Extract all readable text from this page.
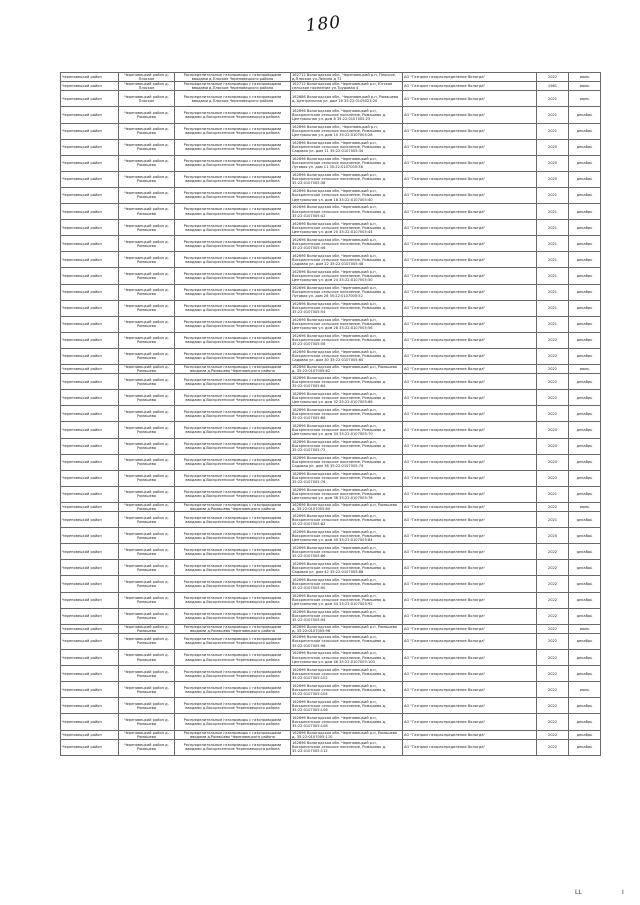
180
Череповецкий район	Череповецкий район д. Плоское	Распределительные газопроводы с газопроводами вводами д.Плоское Череповецкого района	162712 Вологодская обл., Череповецкий р-н, Плоское, д.Плоское ул.Ленина д 71	АО "Газпром газораспределение Вологда"	2022	июнь
Череповецкий район	Череповецкий район д. Плоское	Распределительные газопроводы с газопроводами вводами д.Плоское Череповецкого района	162712 Вологодская обл. Череповецкий р-н, Югское сельское поселение ул.Трудовая 4	АО "Газпром газораспределение Вологда"	1981	июнь
Череповецкий район	Череповецкий район д. Плоское	Распределительные газопроводы с газопроводами вводами д.Плоское Череповецкого района	162686 Вологодская обл., Череповецкий р-н, Ромашево д. Центральная ул. дом 16 35:22:0105023:20	АО "Газпром газораспределение Вологда"	2021	июнь
Череповецкий район	Череповецкий район д. Ромашево	Распределительные газопроводы с газопроводами вводами д.Воскресенское Череповецкого района	162696 Вологодская обл. Череповецкий р-н, Воскресенское сельское поселение, Ромашево д. Центральная ул. дом 8 35:22:0107005:25	АО "Газпром газораспределение Вологда"	2021	декабрь
Череповецкий район	Череповецкий район д. Ромашево	Распределительные газопроводы с газопроводами вводами д.Воскресенское Череповецкого района	162696 Вологодская обл., Череповецкий р-н, Воскресенское сельское поселение, Ромашево д. Центральная ул. дом 10 35:22:0107005:28	АО "Газпром газораспределение Вологда"	2021	декабрь
Череповецкий район	Череповецкий район д. Ромашево	Распределительные газопроводы с газопроводами вводами д.Воскресенское Череповецкого района	162696 Вологодская обл. Череповецкий р-н, Воскресенское сельское поселение, Ромашево д. Садовая ул. дом 11 35:22:0107005:34	АО "Газпром газораспределение Вологда"	2020	декабрь
Череповецкий район	Череповецкий район д. Ромашево	Распределительные газопроводы с газопроводами вводами д.Воскресенское Череповецкого района	162696 Вологодская обл. Череповецкий р-н, Воскресенское сельское поселение, Ромашево д. Луговая ул. дом 11 35:22:0107005:36	АО "Газпром газораспределение Вологда"	2020	декабрь
Череповецкий район	Череповецкий район д. Ромашево	Распределительные газопроводы с газопроводами вводами д.Воскресенское Череповецкого района	162696 Вологодская обл. Череповецкий р-н, Воскресенское сельское поселение, Ромашево д. 35:22:0107005:38	АО "Газпром газораспределение Вологда"	2020	декабрь
Череповецкий район	Череповецкий район д. Ромашево	Распределительные газопроводы с газопроводами вводами д.Воскресенское Череповецкого района	162696 Вологодская обл. Череповецкий р-н, Воскресенское сельское поселение, Ромашево д. Центральная ул. дом 18 35:22:0107005:40	АО "Газпром газораспределение Вологда"	2021	декабрь
Череповецкий район	Череповецкий район д. Ромашево	Распределительные газопроводы с газопроводами вводами д.Воскресенское Череповецкого района	162696 Вологодская обл. Череповецкий р-н, Воскресенское сельское поселение, Ромашево д. 35:22:0107005:42	АО "Газпром газораспределение Вологда"	2021	декабрь
Череповецкий район	Череповецкий район д. Ромашево	Распределительные газопроводы с газопроводами вводами д.Воскресенское Череповецкого района	162696 Вологодская обл. Череповецкий р-н, Воскресенское сельское поселение, Ромашево д. Центральная ул. дом 20 35:22:0107005:44	АО "Газпром газораспределение Вологда"	2021	декабрь
Череповецкий район	Череповецкий район д. Ромашево	Распределительные газопроводы с газопроводами вводами д.Воскресенское Череповецкого района	162696 Вологодская обл. Череповецкий р-н, Воскресенское сельское поселение, Ромашево д. 35:22:0107005:46	АО "Газпром газораспределение Вологда"	2021	декабрь
Череповецкий район	Череповецкий район д. Ромашево	Распределительные газопроводы с газопроводами вводами д.Воскресенское Череповецкого района	162696 Вологодская обл. Череповецкий р-н, Воскресенское сельское поселение, Ромашево д. Садовая ул. дом 22 35:22:0107005:48	АО "Газпром газораспределение Вологда"	2021	декабрь
Череповецкий район	Череповецкий район д. Ромашево	Распределительные газопроводы с газопроводами вводами д.Воскресенское Череповецкого района	162696 Вологодская обл. Череповецкий р-н, Воскресенское сельское поселение, Ромашево д. Центральная ул. дом 24 35:22:0107005:50	АО "Газпром газораспределение Вологда"	2021	декабрь
Череповецкий район	Череповецкий район д. Ромашево	Распределительные газопроводы с газопроводами вводами д.Воскресенское Череповецкого района	162696 Вологодская обл. Череповецкий р-н, Воскресенское сельское поселение, Ромашево д. Луговая ул. дом 26 35:22:0107005:52	АО "Газпром газораспределение Вологда"	2021	декабрь
Череповецкий район	Череповецкий район д. Ромашево	Распределительные газопроводы с газопроводами вводами д.Воскресенское Череповецкого района	162696 Вологодская обл. Череповецкий р-н, Воскресенское сельское поселение, Ромашево д. 35:22:0107005:54	АО "Газпром газораспределение Вологда"	2021	декабрь
Череповецкий район	Череповецкий район д. Ромашево	Распределительные газопроводы с газопроводами вводами д.Воскресенское Череповецкого района	162696 Вологодская обл. Череповецкий р-н, Воскресенское сельское поселение, Ромашево д. Центральная ул. дом 28 35:22:0107005:56	АО "Газпром газораспределение Вологда"	2021	декабрь
Череповецкий район	Череповецкий район д. Ромашево	Распределительные газопроводы с газопроводами вводами д.Воскресенское Череповецкого района	162696 Вологодская обл. Череповецкий р-н, Воскресенское сельское поселение, Ромашево д. 35:22:0107005:58	АО "Газпром газораспределение Вологда"	2022	декабрь
Череповецкий район	Череповецкий район д. Ромашево	Распределительные газопроводы с газопроводами вводами д.Воскресенское Череповецкого района	162696 Вологодская обл. Череповецкий р-н, Воскресенское сельское поселение, Ромашево д. Садовая ул. дом 30 35:22:0107005:60	АО "Газпром газораспределение Вологда"	2022	декабрь
Череповецкий район	Череповецкий район д. Ромашево	Распределительные газопроводы с газопроводами вводами д.Ромашево Череповецкого района	162696 Вологодская обл. Череповецкий р-н, Ромашево д. 35:22:0107005:62	АО "Газпром газораспределение Вологда"	2022	июнь
Череповецкий район	Череповецкий район д. Ромашево	Распределительные газопроводы с газопроводами вводами д.Воскресенское Череповецкого района	162696 Вологодская обл. Череповецкий р-н, Воскресенское сельское поселение, Ромашево д. 35:22:0107005:64	АО "Газпром газораспределение Вологда"	2022	декабрь
Череповецкий район	Череповецкий район д. Ромашево	Распределительные газопроводы с газопроводами вводами д.Воскресенское Череповецкого района	162696 Вологодская обл. Череповецкий р-н, Воскресенское сельское поселение, Ромашево д. Центральная ул. дом 32 35:22:0107005:66	АО "Газпром газораспределение Вологда"	2022	декабрь
Череповецкий район	Череповецкий район д. Ромашево	Распределительные газопроводы с газопроводами вводами д.Воскресенское Череповецкого района	162696 Вологодская обл. Череповецкий р-н, Воскресенское сельское поселение, Ромашево д. 35:22:0107005:68	АО "Газпром газораспределение Вологда"	2022	декабрь
Череповецкий район	Череповецкий район д. Ромашево	Распределительные газопроводы с газопроводами вводами д.Воскресенское Череповецкого района	162696 Вологодская обл. Череповецкий р-н, Воскресенское сельское поселение, Ромашево д. Центральная ул. дом 34 35:22:0107005:70	АО "Газпром газораспределение Вологда"	2020	декабрь
Череповецкий район	Череповецкий район д. Ромашево	Распределительные газопроводы с газопроводами вводами д.Воскресенское Череповецкого района	162696 Вологодская обл. Череповецкий р-н, Воскресенское сельское поселение, Ромашево д. 35:22:0107005:72	АО "Газпром газораспределение Вологда"	2020	декабрь
Череповецкий район	Череповецкий район д. Ромашево	Распределительные газопроводы с газопроводами вводами д.Воскресенское Череповецкого района	162696 Вологодская обл. Череповецкий р-н, Воскресенское сельское поселение, Ромашево д. Садовая ул. дом 36 35:22:0107005:74	АО "Газпром газораспределение Вологда"	2020	декабрь
Череповецкий район	Череповецкий район д. Ромашево	Распределительные газопроводы с газопроводами вводами д.Воскресенское Череповецкого района	162696 Вологодская обл. Череповецкий р-н, Воскресенское сельское поселение, Ромашево д. 35:22:0107005:76	АО "Газпром газораспределение Вологда"	2023	декабрь
Череповецкий район	Череповецкий район д. Ромашево	Распределительные газопроводы с газопроводами вводами д.Воскресенское Череповецкого района	162696 Вологодская обл. Череповецкий р-н, Воскресенское сельское поселение, Ромашево д. Центральная ул. дом 38 35:22:0107005:78	АО "Газпром газораспределение Вологда"	2021	декабрь
Череповецкий район	Череповецкий район д. Ромашево	Распределительные газопроводы с газопроводами вводами д.Ромашево Череповецкого района	162696 Вологодская обл. Череповецкий р-н, Ромашево д. 35:22:0107005:80	АО "Газпром газораспределение Вологда"	2022	июнь
Череповецкий район	Череповецкий район д. Ромашево	Распределительные газопроводы с газопроводами вводами д.Воскресенское Череповецкого района	162696 Вологодская обл. Череповецкий р-н, Воскресенское сельское поселение, Ромашево д. 35:22:0107005:82	АО "Газпром газораспределение Вологда"	2021	декабрь
Череповецкий район	Череповецкий район д. Ромашево	Распределительные газопроводы с газопроводами вводами д.Воскресенское Череповецкого района	162696 Вологодская обл. Череповецкий р-н, Воскресенское сельское поселение, Ромашево д. Центральная ул. дом 40 35:22:0107005:84	АО "Газпром газораспределение Вологда"	2020	декабрь
Череповецкий район	Череповецкий район д. Ромашево	Распределительные газопроводы с газопроводами вводами д.Воскресенское Череповецкого района	162696 Вологодская обл. Череповецкий р-н, Воскресенское сельское поселение, Ромашево д. 35:22:0107005:86	АО "Газпром газораспределение Вологда"	2022	декабрь
Череповецкий район	Череповецкий район д. Ромашево	Распределительные газопроводы с газопроводами вводами д.Воскресенское Череповецкого района	162696 Вологодская обл. Череповецкий р-н, Воскресенское сельское поселение, Ромашево д. Садовая ул. дом 42 35:22:0107005:88	АО "Газпром газораспределение Вологда"	2022	декабрь
Череповецкий район	Череповецкий район д. Ромашево	Распределительные газопроводы с газопроводами вводами д.Воскресенское Череповецкого района	162696 Вологодская обл. Череповецкий р-н, Воскресенское сельское поселение, Ромашево д. 35:22:0107005:90	АО "Газпром газораспределение Вологда"	2022	декабрь
Череповецкий район	Череповецкий район д. Ромашево	Распределительные газопроводы с газопроводами вводами д.Воскресенское Череповецкого района	162696 Вологодская обл. Череповецкий р-н, Воскресенское сельское поселение, Ромашево д. Центральная ул. дом 44 35:22:0107005:92	АО "Газпром газораспределение Вологда"	2022	декабрь
Череповецкий район	Череповецкий район д. Ромашево	Распределительные газопроводы с газопроводами вводами д.Воскресенское Череповецкого района	162696 Вологодская обл. Череповецкий р-н, Воскресенское сельское поселение, Ромашево д. 35:22:0107005:94	АО "Газпром газораспределение Вологда"	2022	декабрь
Череповецкий район	Череповецкий район д. Ромашево	Распределительные газопроводы с газопроводами вводами д.Ромашево Череповецкого района	162696 Вологодская обл. Череповецкий р-н, Ромашево д. 35:22:0107005:96	АО "Газпром газораспределение Вологда"	2022	июнь
Череповецкий район	Череповецкий район д. Ромашево	Распределительные газопроводы с газопроводами вводами д.Воскресенское Череповецкого района	162696 Вологодская обл. Череповецкий р-н, Воскресенское сельское поселение, Ромашево д. 35:22:0107005:98	АО "Газпром газораспределение Вологда"	2022	декабрь
Череповецкий район	Череповецкий район д. Ромашево	Распределительные газопроводы с газопроводами вводами д.Воскресенское Череповецкого района	162696 Вологодская обл. Череповецкий р-н, Воскресенское сельское поселение, Ромашево д. Центральная ул. дом 46 35:22:0107005:100	АО "Газпром газораспределение Вологда"	2022	декабрь
Череповецкий район	Череповецкий район д. Ромашево	Распределительные газопроводы с газопроводами вводами д.Воскресенское Череповецкого района	162696 Вологодская обл. Череповецкий р-н, Воскресенское сельское поселение, Ромашево д. 35:22:0107005:102	АО "Газпром газораспределение Вологда"	2022	декабрь
Череповецкий район	Череповецкий район д. Ромашево	Распределительные газопроводы с газопроводами вводами д.Воскресенское Череповецкого района	162696 Вологодская обл. Череповецкий р-н, Воскресенское сельское поселение, Ромашево д. 35:22:0107005:104	АО "Газпром газораспределение Вологда"	2022	июнь
Череповецкий район	Череповецкий район д. Ромашево	Распределительные газопроводы с газопроводами вводами д.Воскресенское Череповецкого района	162696 Вологодская обл. Череповецкий р-н, Воскресенское сельское поселение, Ромашево д. 35:22:0107005:106	АО "Газпром газораспределение Вологда"	2022	декабрь
Череповецкий район	Череповецкий район д. Ромашево	Распределительные газопроводы с газопроводами вводами д.Воскресенское Череповецкого района	162696 Вологодская обл. Череповецкий р-н, Воскресенское сельское поселение, Ромашево д. 35:22:0107005:108	АО "Газпром газораспределение Вологда"	2022	декабрь
Череповецкий район	Череповецкий район д. Ромашево	Распределительные газопроводы с газопроводами вводами д.Ромашево Череповецкого района	162696 Вологодская обл. Череповецкий р-н, Ромашево д. 35:22:0107005:110	АО "Газпром газораспределение Вологда"	2022	декабрь
Череповецкий район	Череповецкий район д. Ромашево	Распределительные газопроводы с газопроводами вводами д.Воскресенское Череповецкого района	162696 Вологодская обл. Череповецкий р-н, Воскресенское сельское поселение, Ромашево д. 35:22:0107005:112	АО "Газпром газораспределение Вологда"	2022	декабрь
LL	I
